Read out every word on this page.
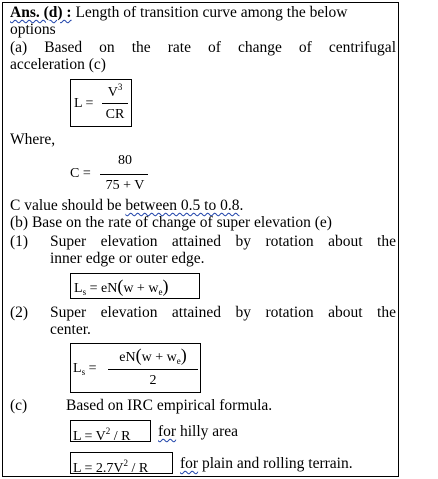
Ans. (d) : Length of transition curve among the below
options
(a) Based on the rate of change of centrifugal
acceleration (c)
L =
$V^3$
CR
Where,
C =
80
75 + V
C value should be between 0.5 to 0.8.
(b) Base on the rate of change of super elevation (e)
(1) Super elevation attained by rotation about the
inner edge or outer edge.
$L_s = eN(w + w_e)$
(2) Super elevation attained by rotation about the
center.
$L_s$ =
$eN(w + w_e)$
2
(c)	Based on IRC empirical formula.
$L = V^2 / R$ for hilly area
$L = 2.7V^2 / R$ for plain and rolling terrain.
